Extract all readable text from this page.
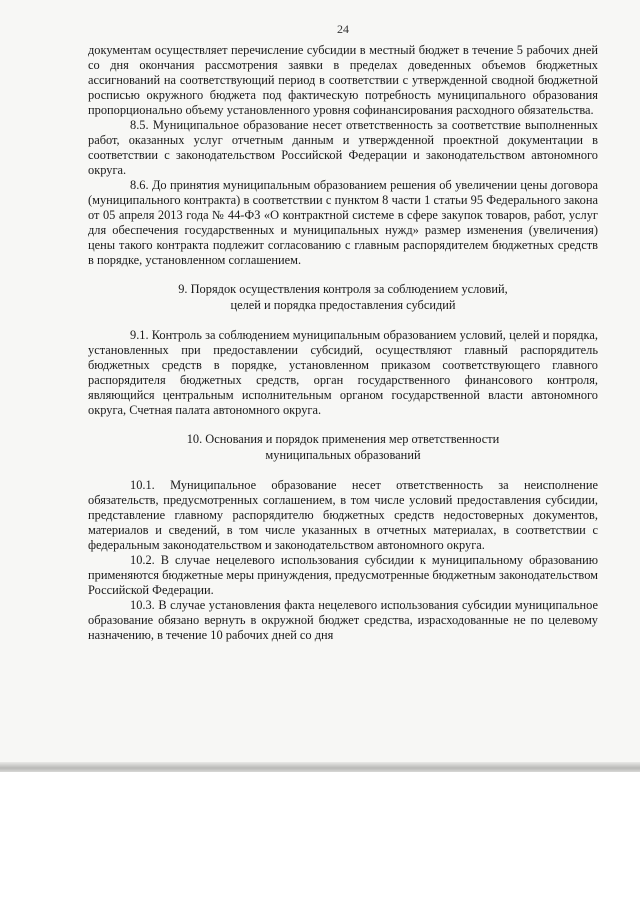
24

документам осуществляет перечисление субсидии в местный бюджет в течение 5 рабочих дней со дня окончания рассмотрения заявки в пределах доведенных объемов бюджетных ассигнований на соответствующий период в соответствии с утвержденной сводной бюджетной росписью окружного бюджета под фактическую потребность муниципального образования пропорционально объему установленного уровня софинансирования расходного обязательства.

8.5. Муниципальное образование несет ответственность за соответствие выполненных работ, оказанных услуг отчетным данным и утвержденной проектной документации в соответствии с законодательством Российской Федерации и законодательством автономного округа.

8.6. До принятия муниципальным образованием решения об увеличении цены договора (муниципального контракта) в соответствии с пунктом 8 части 1 статьи 95 Федерального закона от 05 апреля 2013 года № 44-ФЗ «О контрактной системе в сфере закупок товаров, работ, услуг для обеспечения государственных и муниципальных нужд» размер изменения (увеличения) цены такого контракта подлежит согласованию с главным распорядителем бюджетных средств в порядке, установленном соглашением.

9. Порядок осуществления контроля за соблюдением условий,
целей и порядка предоставления субсидий

9.1. Контроль за соблюдением муниципальным образованием условий, целей и порядка, установленных при предоставлении субсидий, осуществляют главный распорядитель бюджетных средств в порядке, установленном приказом соответствующего главного распорядителя бюджетных средств, орган государственного финансового контроля, являющийся центральным исполнительным органом государственной власти автономного округа, Счетная палата автономного округа.

10. Основания и порядок применения мер ответственности
муниципальных образований

10.1. Муниципальное образование несет ответственность за неисполнение обязательств, предусмотренных соглашением, в том числе условий предоставления субсидии, представление главному распорядителю бюджетных средств недостоверных документов, материалов и сведений, в том числе указанных в отчетных материалах, в соответствии с федеральным законодательством и законодательством автономного округа.

10.2. В случае нецелевого использования субсидии к муниципальному образованию применяются бюджетные меры принуждения, предусмотренные бюджетным законодательством Российской Федерации.

10.3. В случае установления факта нецелевого использования субсидии муниципальное образование обязано вернуть в окружной бюджет средства, израсходованные не по целевому назначению, в течение 10 рабочих дней со дня
